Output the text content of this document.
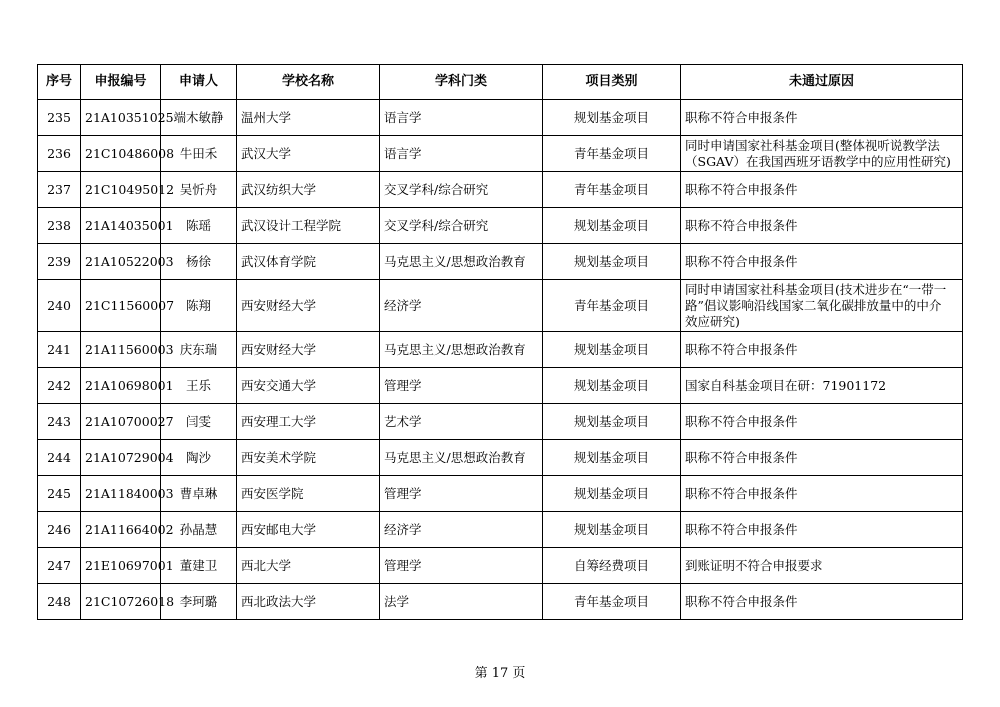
序号	申报编号	申请人	学校名称	学科门类	项目类别	未通过原因
235	21A10351025	端木敏静	温州大学	语言学	规划基金项目	职称不符合申报条件
236	21C10486008	牛田禾	武汉大学	语言学	青年基金项目	同时申请国家社科基金项目(整体视听说教学法
（SGAV）在我国西班牙语教学中的应用性研究)
237	21C10495012	吴忻舟	武汉纺织大学	交叉学科/综合研究	青年基金项目	职称不符合申报条件
238	21A14035001	陈瑶	武汉设计工程学院	交叉学科/综合研究	规划基金项目	职称不符合申报条件
239	21A10522003	杨徐	武汉体育学院	马克思主义/思想政治教育	规划基金项目	职称不符合申报条件
240	21C11560007	陈翔	西安财经大学	经济学	青年基金项目	同时申请国家社科基金项目(技术进步在“一带一
路”倡议影响沿线国家二氧化碳排放量中的中介
效应研究)
241	21A11560003	庆东瑞	西安财经大学	马克思主义/思想政治教育	规划基金项目	职称不符合申报条件
242	21A10698001	王乐	西安交通大学	管理学	规划基金项目	国家自科基金项目在研：71901172
243	21A10700027	闫雯	西安理工大学	艺术学	规划基金项目	职称不符合申报条件
244	21A10729004	陶沙	西安美术学院	马克思主义/思想政治教育	规划基金项目	职称不符合申报条件
245	21A11840003	曹卓琳	西安医学院	管理学	规划基金项目	职称不符合申报条件
246	21A11664002	孙晶慧	西安邮电大学	经济学	规划基金项目	职称不符合申报条件
247	21E10697001	董建卫	西北大学	管理学	自筹经费项目	到账证明不符合申报要求
248	21C10726018	李珂璐	西北政法大学	法学	青年基金项目	职称不符合申报条件
第 17 页
